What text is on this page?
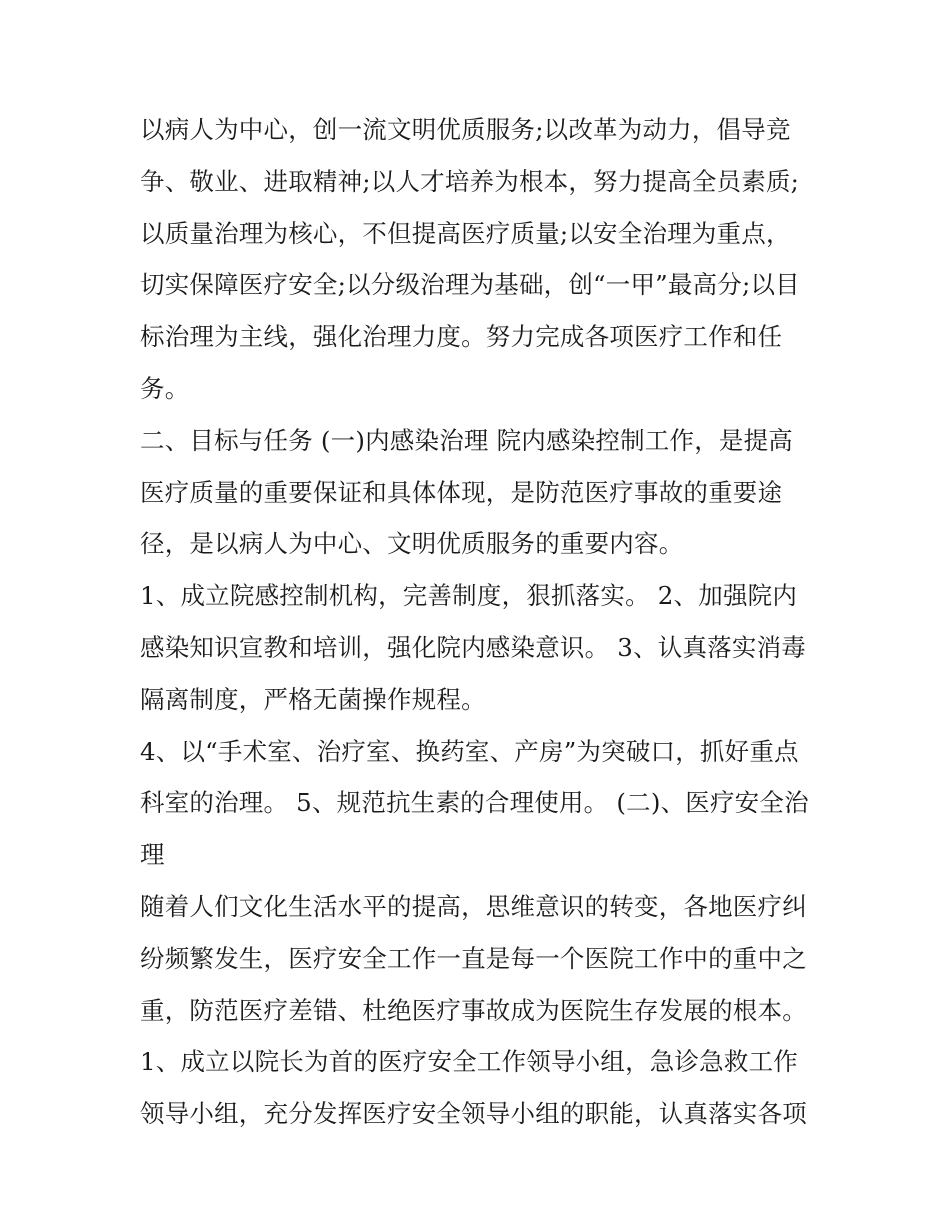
以病人为中心，创一流文明优质服务;以改革为动力，倡导竞
争、敬业、进取精神;以人才培养为根本，努力提高全员素质;
以质量治理为核心，不但提高医疗质量;以安全治理为重点，
切实保障医疗安全;以分级治理为基础，创“一甲”最高分;以目
标治理为主线，强化治理力度。努力完成各项医疗工作和任
务。
二、目标与任务 (一)内感染治理 院内感染控制工作，是提高
医疗质量的重要保证和具体体现，是防范医疗事故的重要途
径，是以病人为中心、文明优质服务的重要内容。
1、成立院感控制机构，完善制度，狠抓落实。 2、加强院内
感染知识宣教和培训，强化院内感染意识。 3、认真落实消毒
隔离制度，严格无菌操作规程。
4、以“手术室、治疗室、换药室、产房”为突破口，抓好重点
科室的治理。 5、规范抗生素的合理使用。 (二)、医疗安全治
理
随着人们文化生活水平的提高，思维意识的转变，各地医疗纠
纷频繁发生，医疗安全工作一直是每一个医院工作中的重中之
重，防范医疗差错、杜绝医疗事故成为医院生存发展的根本。
1、成立以院长为首的医疗安全工作领导小组，急诊急救工作
领导小组，充分发挥医疗安全领导小组的职能，认真落实各项
